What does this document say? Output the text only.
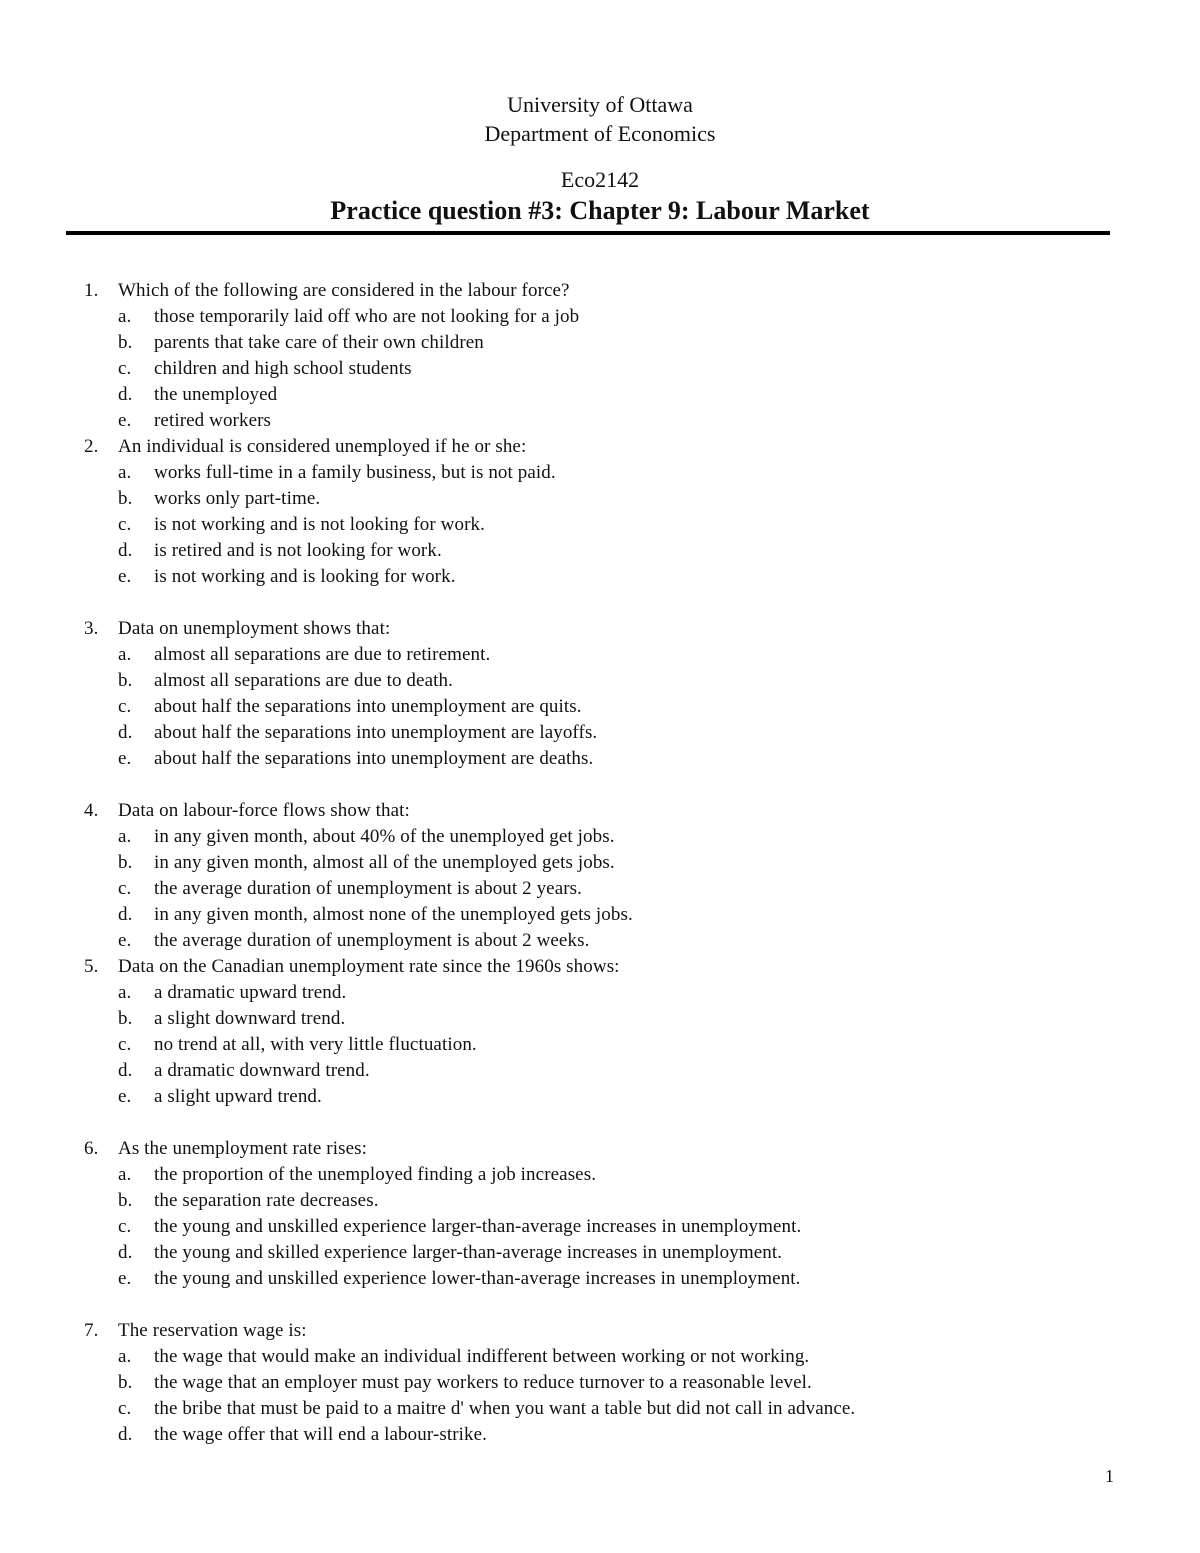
University of Ottawa
Department of Economics
Eco2142
Practice question #3: Chapter 9: Labour Market
1. Which of the following are considered in the labour force?
a. those temporarily laid off who are not looking for a job
b. parents that take care of their own children
c. children and high school students
d. the unemployed
e. retired workers
2. An individual is considered unemployed if he or she:
a. works full-time in a family business, but is not paid.
b. works only part-time.
c. is not working and is not looking for work.
d. is retired and is not looking for work.
e. is not working and is looking for work.
3. Data on unemployment shows that:
a. almost all separations are due to retirement.
b. almost all separations are due to death.
c. about half the separations into unemployment are quits.
d. about half the separations into unemployment are layoffs.
e. about half the separations into unemployment are deaths.
4. Data on labour-force flows show that:
a. in any given month, about 40% of the unemployed get jobs.
b. in any given month, almost all of the unemployed gets jobs.
c. the average duration of unemployment is about 2 years.
d. in any given month, almost none of the unemployed gets jobs.
e. the average duration of unemployment is about 2 weeks.
5. Data on the Canadian unemployment rate since the 1960s shows:
a. a dramatic upward trend.
b. a slight downward trend.
c. no trend at all, with very little fluctuation.
d. a dramatic downward trend.
e. a slight upward trend.
6. As the unemployment rate rises:
a. the proportion of the unemployed finding a job increases.
b. the separation rate decreases.
c. the young and unskilled experience larger-than-average increases in unemployment.
d. the young and skilled experience larger-than-average increases in unemployment.
e. the young and unskilled experience lower-than-average increases in unemployment.
7. The reservation wage is:
a. the wage that would make an individual indifferent between working or not working.
b. the wage that an employer must pay workers to reduce turnover to a reasonable level.
c. the bribe that must be paid to a maitre d' when you want a table but did not call in advance.
d. the wage offer that will end a labour-strike.
1
